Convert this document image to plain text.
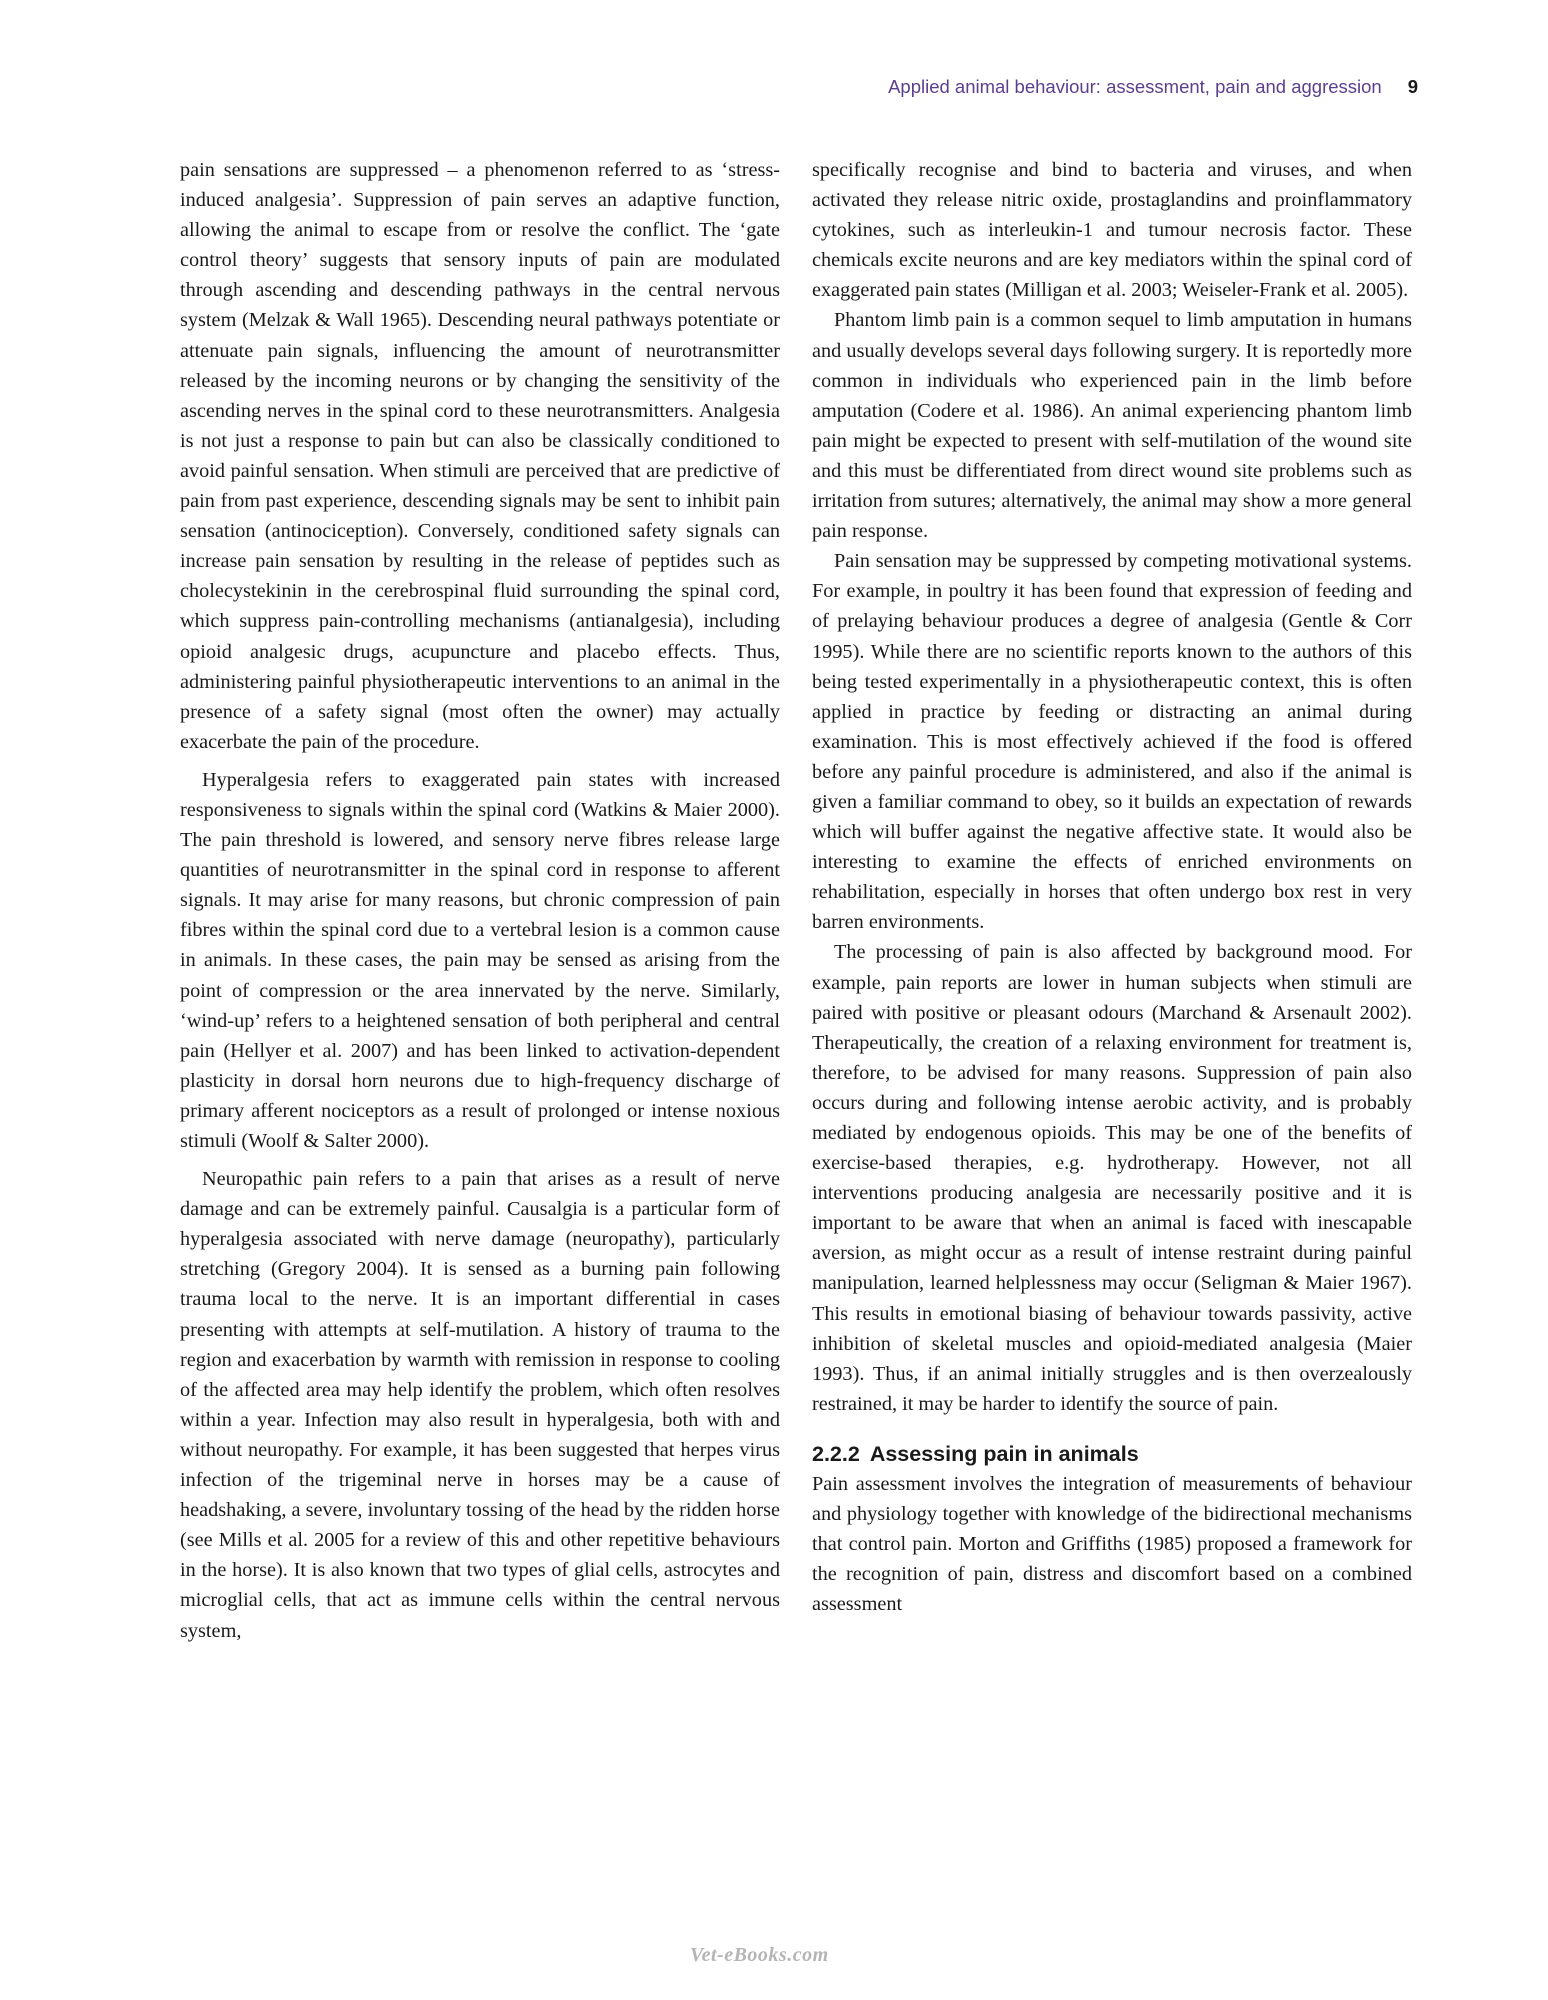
Applied animal behaviour: assessment, pain and aggression 9

pain sensations are suppressed – a phenomenon referred to as ‘stress-induced analgesia’. Suppression of pain serves an adaptive function, allowing the animal to escape from or resolve the conflict. The ‘gate control theory’ suggests that sensory inputs of pain are modulated through ascending and descending pathways in the central nervous system (Melzak & Wall 1965). Descending neural pathways potentiate or attenuate pain signals, influencing the amount of neurotransmitter released by the incoming neurons or by changing the sensitivity of the ascending nerves in the spinal cord to these neurotransmitters. Analgesia is not just a response to pain but can also be classically conditioned to avoid painful sensation. When stimuli are perceived that are predictive of pain from past experience, descending signals may be sent to inhibit pain sensation (antinociception). Conversely, conditioned safety signals can increase pain sensation by resulting in the release of peptides such as cholecystekinin in the cerebrospinal fluid surrounding the spinal cord, which suppress pain-controlling mechanisms (antianalgesia), including opioid analgesic drugs, acupuncture and placebo effects. Thus, administering painful physiotherapeutic interventions to an animal in the presence of a safety signal (most often the owner) may actually exacerbate the pain of the procedure.

Hyperalgesia refers to exaggerated pain states with increased responsiveness to signals within the spinal cord (Watkins & Maier 2000). The pain threshold is lowered, and sensory nerve fibres release large quantities of neurotransmitter in the spinal cord in response to afferent signals. It may arise for many reasons, but chronic compression of pain fibres within the spinal cord due to a vertebral lesion is a common cause in animals. In these cases, the pain may be sensed as arising from the point of compression or the area innervated by the nerve. Similarly, ‘wind-up’ refers to a heightened sensation of both peripheral and central pain (Hellyer et al. 2007) and has been linked to activation-dependent plasticity in dorsal horn neurons due to high-frequency discharge of primary afferent nociceptors as a result of prolonged or intense noxious stimuli (Woolf & Salter 2000).

Neuropathic pain refers to a pain that arises as a result of nerve damage and can be extremely painful. Causalgia is a particular form of hyperalgesia associated with nerve damage (neuropathy), particularly stretching (Gregory 2004). It is sensed as a burning pain following trauma local to the nerve. It is an important differential in cases presenting with attempts at self-mutilation. A history of trauma to the region and exacerbation by warmth with remission in response to cooling of the affected area may help identify the problem, which often resolves within a year. Infection may also result in hyperalgesia, both with and without neuropathy. For example, it has been suggested that herpes virus infection of the trigeminal nerve in horses may be a cause of headshaking, a severe, involuntary tossing of the head by the ridden horse (see Mills et al. 2005 for a review of this and other repetitive behaviours in the horse). It is also known that two types of glial cells, astrocytes and microglial cells, that act as immune cells within the central nervous system,

specifically recognise and bind to bacteria and viruses, and when activated they release nitric oxide, prostaglandins and proinflammatory cytokines, such as interleukin-1 and tumour necrosis factor. These chemicals excite neurons and are key mediators within the spinal cord of exaggerated pain states (Milligan et al. 2003; Weiseler-Frank et al. 2005).

Phantom limb pain is a common sequel to limb amputation in humans and usually develops several days following surgery. It is reportedly more common in individuals who experienced pain in the limb before amputation (Codere et al. 1986). An animal experiencing phantom limb pain might be expected to present with self-mutilation of the wound site and this must be differentiated from direct wound site problems such as irritation from sutures; alternatively, the animal may show a more general pain response.

Pain sensation may be suppressed by competing motivational systems. For example, in poultry it has been found that expression of feeding and of prelaying behaviour produces a degree of analgesia (Gentle & Corr 1995). While there are no scientific reports known to the authors of this being tested experimentally in a physiotherapeutic context, this is often applied in practice by feeding or distracting an animal during examination. This is most effectively achieved if the food is offered before any painful procedure is administered, and also if the animal is given a familiar command to obey, so it builds an expectation of rewards which will buffer against the negative affective state. It would also be interesting to examine the effects of enriched environments on rehabilitation, especially in horses that often undergo box rest in very barren environments.

The processing of pain is also affected by background mood. For example, pain reports are lower in human subjects when stimuli are paired with positive or pleasant odours (Marchand & Arsenault 2002). Therapeutically, the creation of a relaxing environment for treatment is, therefore, to be advised for many reasons. Suppression of pain also occurs during and following intense aerobic activity, and is probably mediated by endogenous opioids. This may be one of the benefits of exercise-based therapies, e.g. hydrotherapy. However, not all interventions producing analgesia are necessarily positive and it is important to be aware that when an animal is faced with inescapable aversion, as might occur as a result of intense restraint during painful manipulation, learned helplessness may occur (Seligman & Maier 1967). This results in emotional biasing of behaviour towards passivity, active inhibition of skeletal muscles and opioid-mediated analgesia (Maier 1993). Thus, if an animal initially struggles and is then overzealously restrained, it may be harder to identify the source of pain.

2.2.2 Assessing pain in animals

Pain assessment involves the integration of measurements of behaviour and physiology together with knowledge of the bidirectional mechanisms that control pain. Morton and Griffiths (1985) proposed a framework for the recognition of pain, distress and discomfort based on a combined assessment

Vet-eBooks.com
